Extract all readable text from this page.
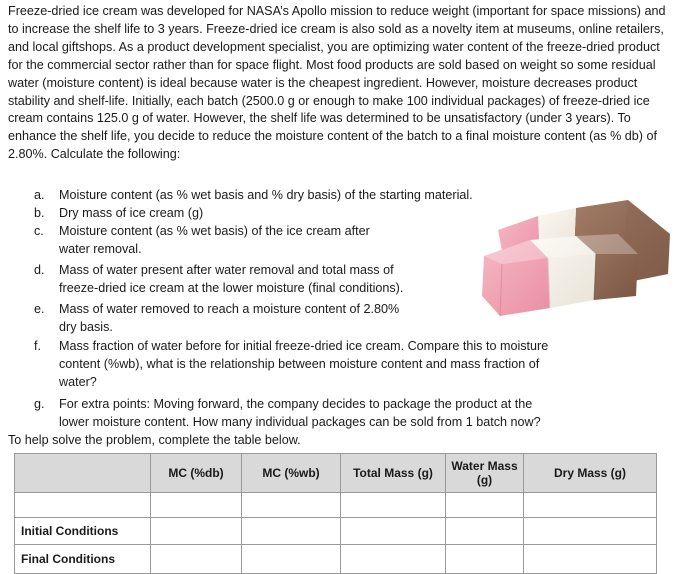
Freeze-dried ice cream was developed for NASA’s Apollo mission to reduce weight (important for space missions) and to increase the shelf life to 3 years. Freeze-dried ice cream is also sold as a novelty item at museums, online retailers, and local giftshops. As a product development specialist, you are optimizing water content of the freeze-dried product for the commercial sector rather than for space flight. Most food products are sold based on weight so some residual water (moisture content) is ideal because water is the cheapest ingredient. However, moisture decreases product stability and shelf-life. Initially, each batch (2500.0 g or enough to make 100 individual packages) of freeze-dried ice cream contains 125.0 g of water. However, the shelf life was determined to be unsatisfactory (under 3 years). To enhance the shelf life, you decide to reduce the moisture content of the batch to a final moisture content (as % db) of 2.80%. Calculate the following:

a. Moisture content (as % wet basis and % dry basis) of the starting material.
b. Dry mass of ice cream (g)
c. Moisture content (as % wet basis) of the ice cream after
water removal.
d. Mass of water present after water removal and total mass of
freeze-dried ice cream at the lower moisture (final conditions).
e. Mass of water removed to reach a moisture content of 2.80%
dry basis.
f. Mass fraction of water before for initial freeze-dried ice cream. Compare this to moisture
content (%wb), what is the relationship between moisture content and mass fraction of
water?
g. For extra points: Moving forward, the company decides to package the product at the
lower moisture content. How many individual packages can be sold from 1 batch now?
To help solve the problem, complete the table below.
	MC (%db)	MC (%wb)	Total Mass (g)	Water Mass (g)	Dry Mass (g)

Initial Conditions					
Final Conditions					
